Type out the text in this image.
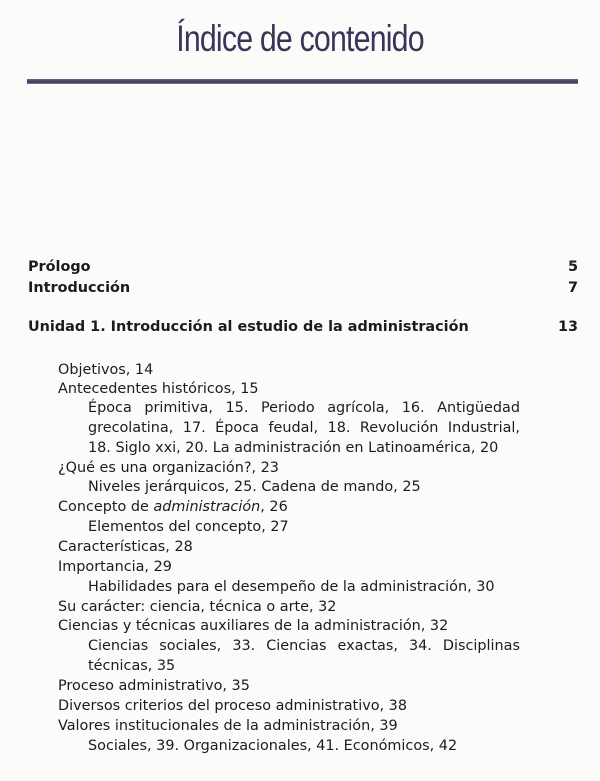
Índice de contenido
Prólogo	5
Introducción	7
Unidad 1. Introducción al estudio de la administración	13
Objetivos, 14
Antecedentes históricos, 15
Época primitiva, 15. Periodo agrícola, 16. Antigüedad
grecolatina, 17. Época feudal, 18. Revolución Industrial,
18. Siglo xxi, 20. La administración en Latinoamérica, 20
¿Qué es una organización?, 23
Niveles jerárquicos, 25. Cadena de mando, 25
Concepto de administración, 26
Elementos del concepto, 27
Características, 28
Importancia, 29
Habilidades para el desempeño de la administración, 30
Su carácter: ciencia, técnica o arte, 32
Ciencias y técnicas auxiliares de la administración, 32
Ciencias sociales, 33. Ciencias exactas, 34. Disciplinas
técnicas, 35
Proceso administrativo, 35
Diversos criterios del proceso administrativo, 38
Valores institucionales de la administración, 39
Sociales, 39. Organizacionales, 41. Económicos, 42
